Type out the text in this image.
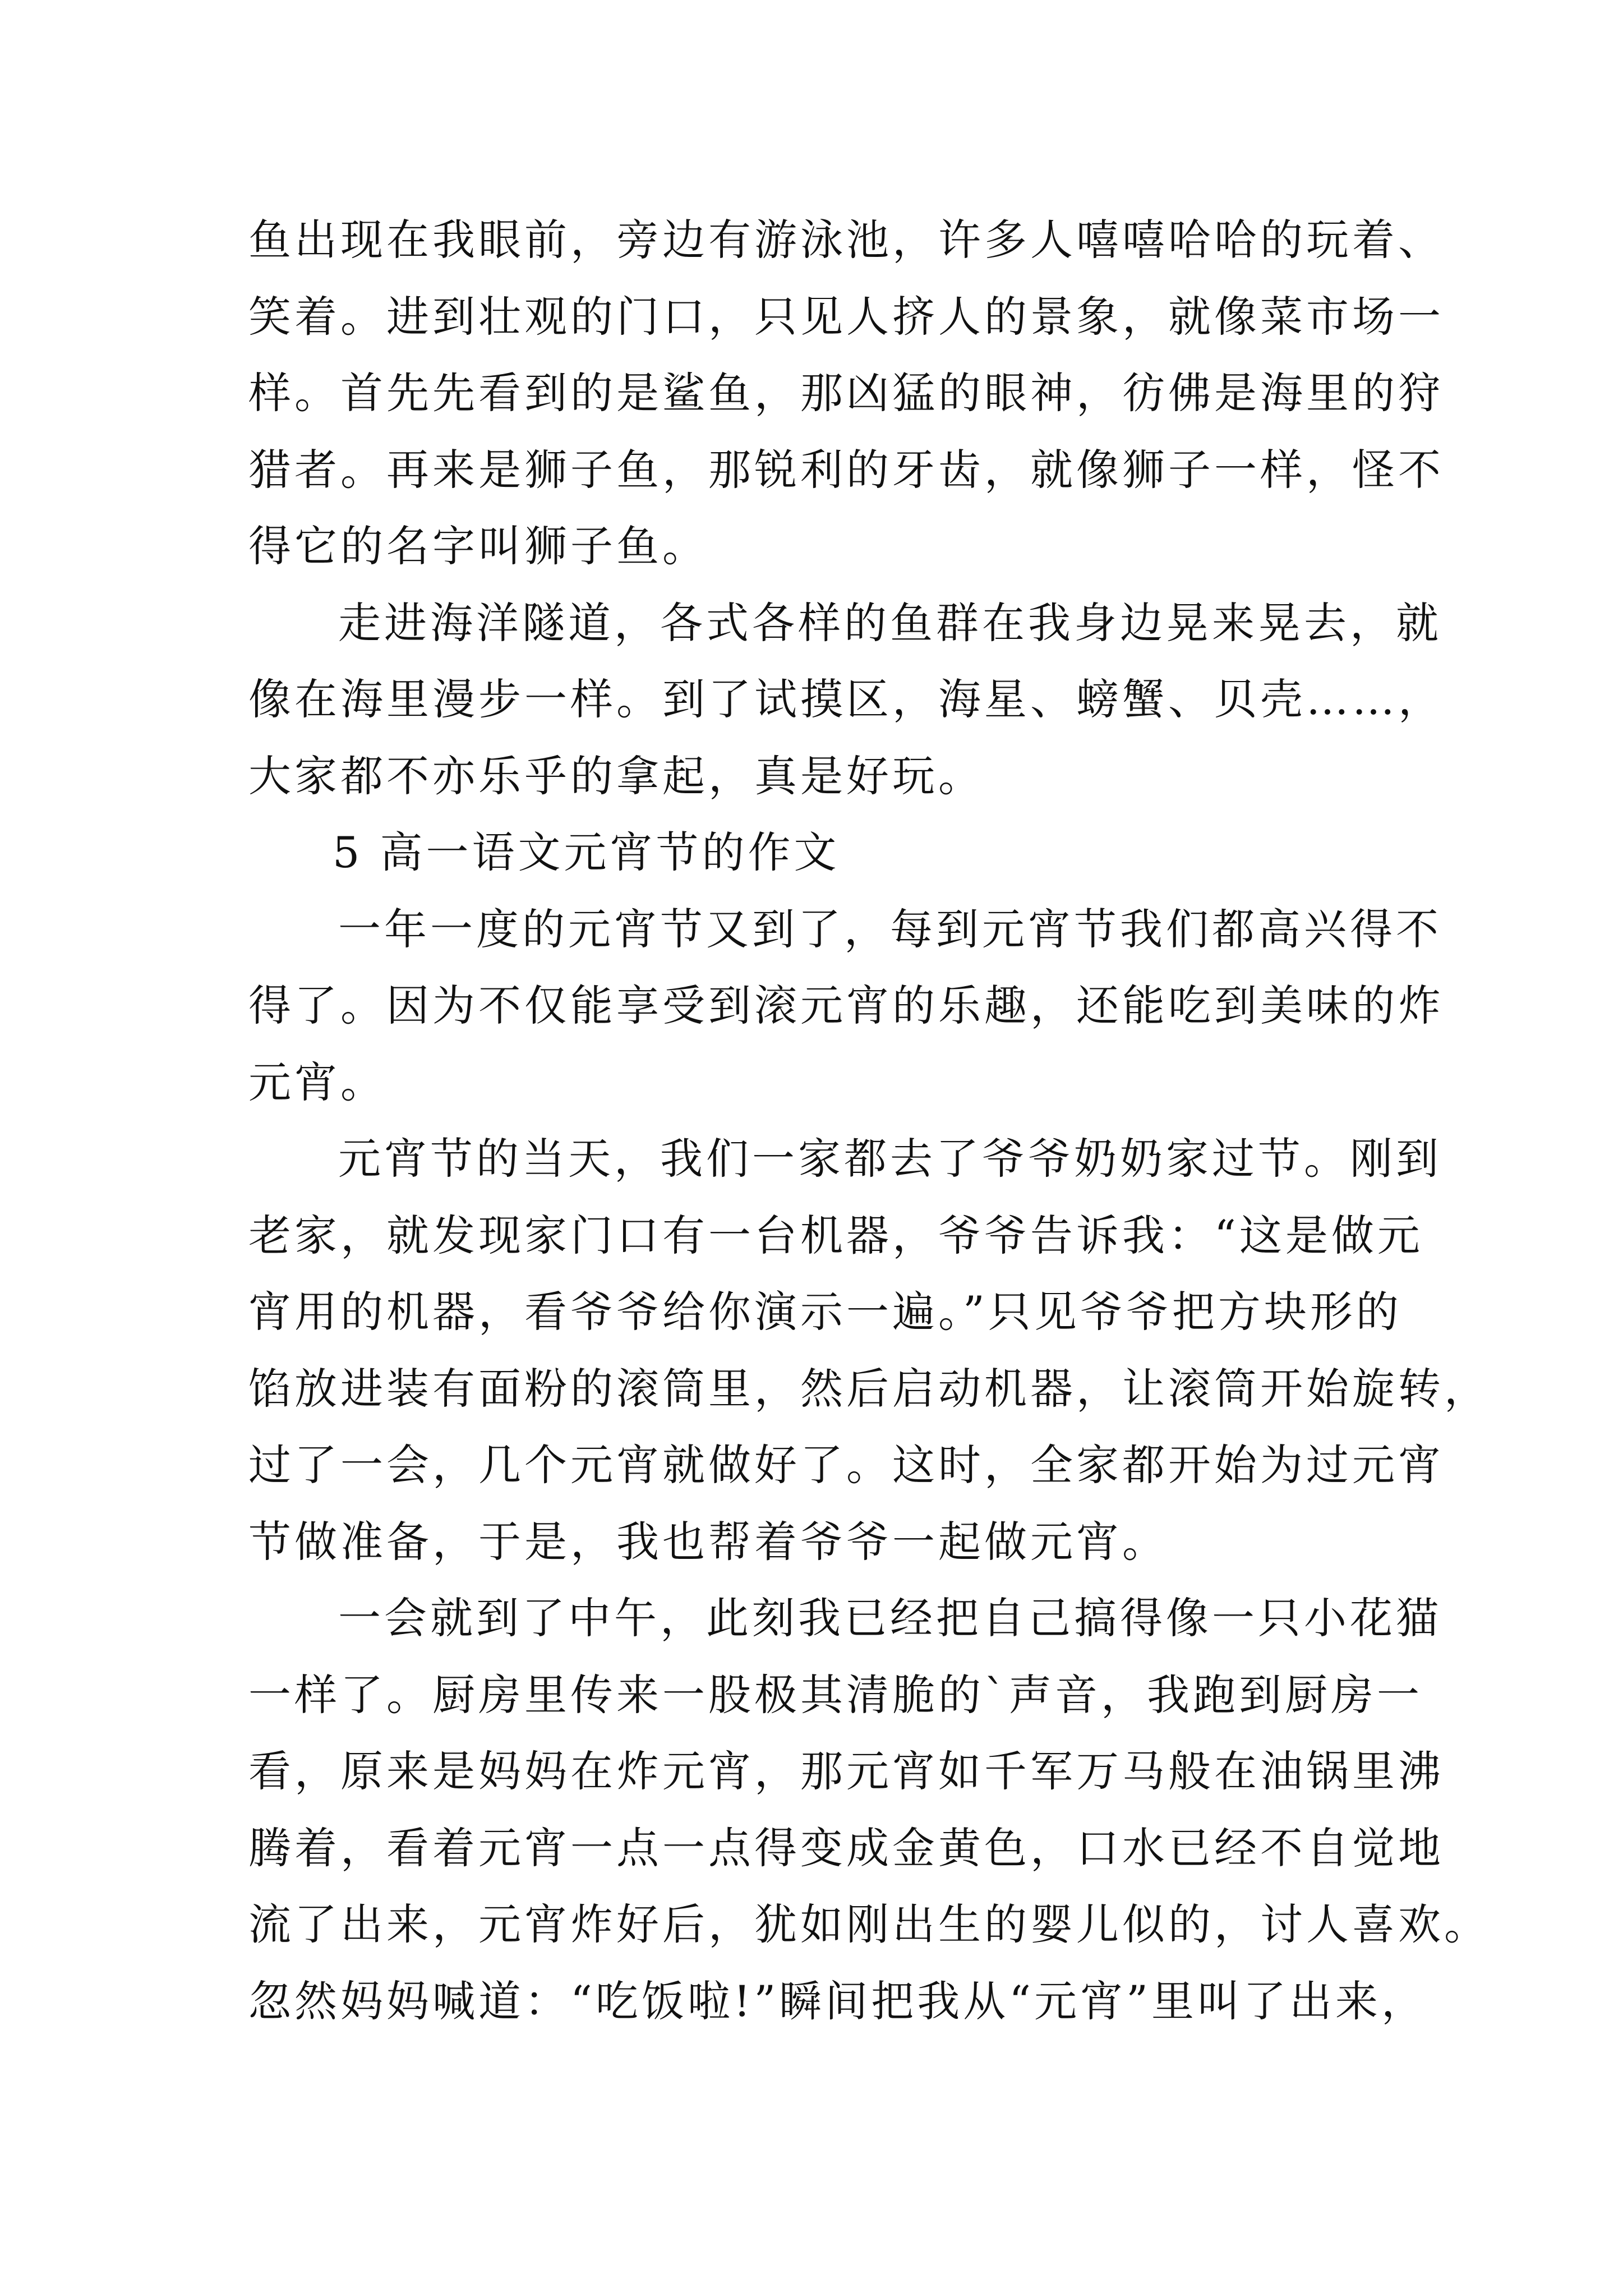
鱼出现在我眼前，旁边有游泳池，许多人嘻嘻哈哈的玩着、
笑着。进到壮观的门口，只见人挤人的景象，就像菜市场一
样。首先先看到的是鲨鱼，那凶猛的眼神，彷佛是海里的狩
猎者。再来是狮子鱼，那锐利的牙齿，就像狮子一样，怪不
得它的名字叫狮子鱼。
走进海洋隧道，各式各样的鱼群在我身边晃来晃去，就
像在海里漫步一样。到了试摸区，海星、螃蟹、贝壳……，
大家都不亦乐乎的拿起，真是好玩。
5 高一语文元宵节的作文
一年一度的元宵节又到了，每到元宵节我们都高兴得不
得了。因为不仅能享受到滚元宵的乐趣，还能吃到美味的炸
元宵。
元宵节的当天，我们一家都去了爷爷奶奶家过节。刚到
老家，就发现家门口有一台机器，爷爷告诉我：“这是做元
宵用的机器，看爷爷给你演示一遍。”只见爷爷把方块形的
馅放进装有面粉的滚筒里，然后启动机器，让滚筒开始旋转，
过了一会，几个元宵就做好了。这时，全家都开始为过元宵
节做准备，于是，我也帮着爷爷一起做元宵。
一会就到了中午，此刻我已经把自己搞得像一只小花猫
一样了。厨房里传来一股极其清脆的`声音，我跑到厨房一
看，原来是妈妈在炸元宵，那元宵如千军万马般在油锅里沸
腾着，看着元宵一点一点得变成金黄色，口水已经不自觉地
流了出来，元宵炸好后，犹如刚出生的婴儿似的，讨人喜欢。
忽然妈妈喊道：“吃饭啦!”瞬间把我从“元宵”里叫了出来，
